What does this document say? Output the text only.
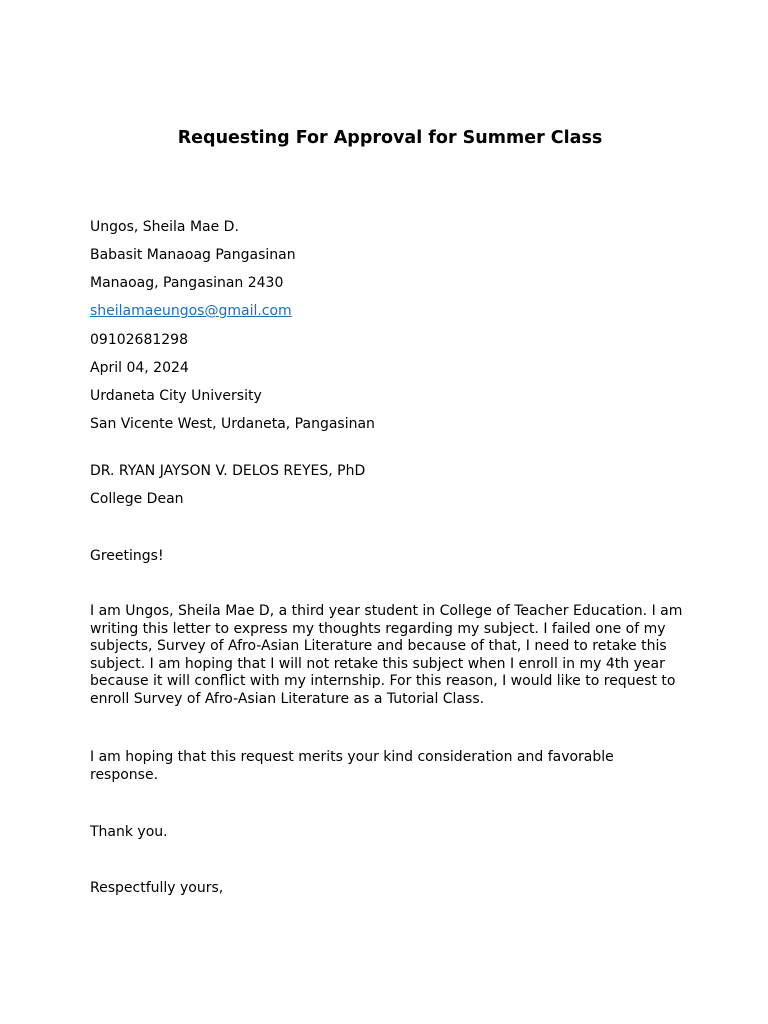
Requesting For Approval for Summer Class

Ungos, Sheila Mae D.

Babasit Manaoag Pangasinan

Manaoag, Pangasinan 2430

sheilamaeungos@gmail.com

09102681298

April 04, 2024

Urdaneta City University

San Vicente West, Urdaneta, Pangasinan

DR. RYAN JAYSON V. DELOS REYES, PhD

College Dean

Greetings!

I am Ungos, Sheila Mae D, a third year student in College of Teacher Education. I am writing this letter to express my thoughts regarding my subject. I failed one of my subjects, Survey of Afro-Asian Literature and because of that, I need to retake this subject. I am hoping that I will not retake this subject when I enroll in my 4th year because it will conflict with my internship. For this reason, I would like to request to enroll Survey of Afro-Asian Literature as a Tutorial Class.

I am hoping that this request merits your kind consideration and favorable response.

Thank you.

Respectfully yours,
